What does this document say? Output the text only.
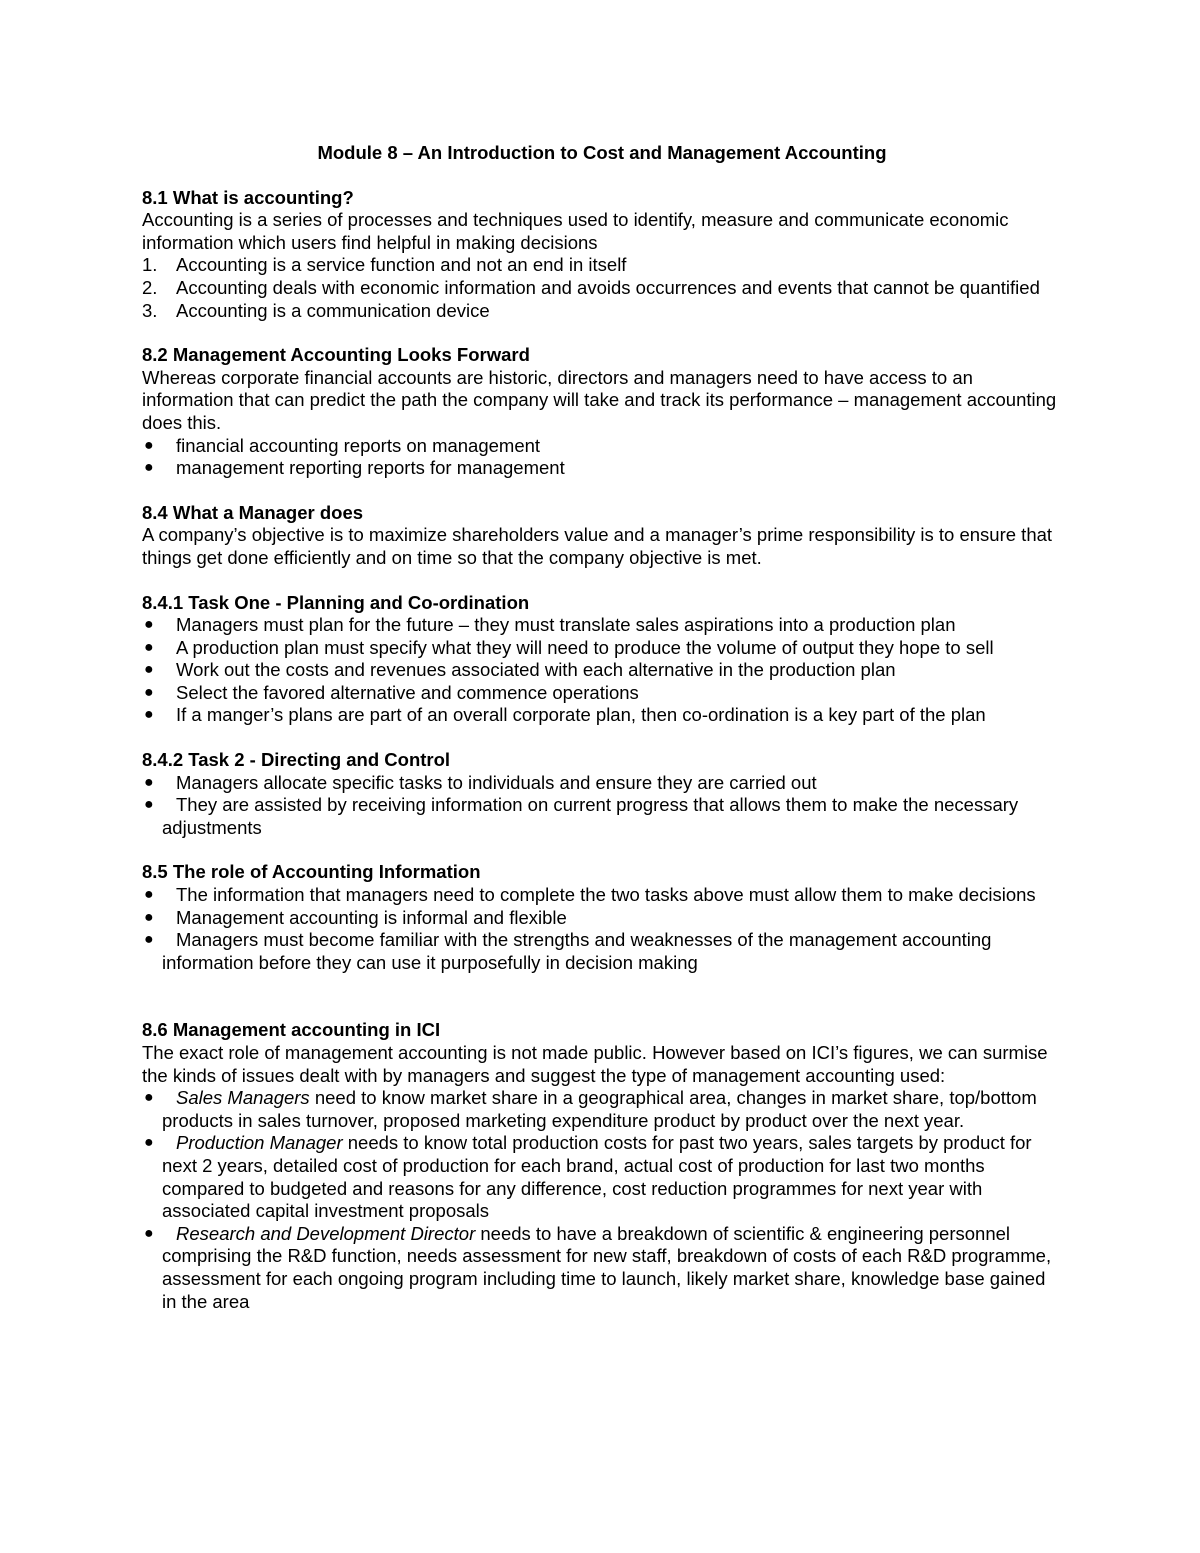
Module 8 – An Introduction to Cost and Management Accounting
8.1 What is accounting?
Accounting is a series of processes and techniques used to identify, measure and communicate economic information which users find helpful in making decisions
1. Accounting is a service function and not an end in itself
2. Accounting deals with economic information and avoids occurrences and events that cannot be quantified
3. Accounting is a communication device
8.2 Management Accounting Looks Forward
Whereas corporate financial accounts are historic, directors and managers need to have access to an information that can predict the path the company will take and track its performance – management accounting does this.
● financial accounting reports on management
● management reporting reports for management
8.4 What a Manager does
A company’s objective is to maximize shareholders value and a manager’s prime responsibility is to ensure that things get done efficiently and on time so that the company objective is met.
8.4.1 Task One - Planning and Co-ordination
● Managers must plan for the future – they must translate sales aspirations into a production plan
● A production plan must specify what they will need to produce the volume of output they hope to sell
● Work out the costs and revenues associated with each alternative in the production plan
● Select the favored alternative and commence operations
● If a manger’s plans are part of an overall corporate plan, then co-ordination is a key part of the plan
8.4.2 Task 2 - Directing and Control
● Managers allocate specific tasks to individuals and ensure they are carried out
● They are assisted by receiving information on current progress that allows them to make the necessary adjustments
8.5 The role of Accounting Information
● The information that managers need to complete the two tasks above must allow them to make decisions
● Management accounting is informal and flexible
● Managers must become familiar with the strengths and weaknesses of the management accounting information before they can use it purposefully in decision making
8.6 Management accounting in ICI
The exact role of management accounting is not made public. However based on ICI’s figures, we can surmise the kinds of issues dealt with by managers and suggest the type of management accounting used:
● Sales Managers need to know market share in a geographical area, changes in market share, top/bottom products in sales turnover, proposed marketing expenditure product by product over the next year.
● Production Manager needs to know total production costs for past two years, sales targets by product for next 2 years, detailed cost of production for each brand, actual cost of production for last two months compared to budgeted and reasons for any difference, cost reduction programmes for next year with associated capital investment proposals
● Research and Development Director needs to have a breakdown of scientific & engineering personnel comprising the R&D function, needs assessment for new staff, breakdown of costs of each R&D programme, assessment for each ongoing program including time to launch, likely market share, knowledge base gained in the area
